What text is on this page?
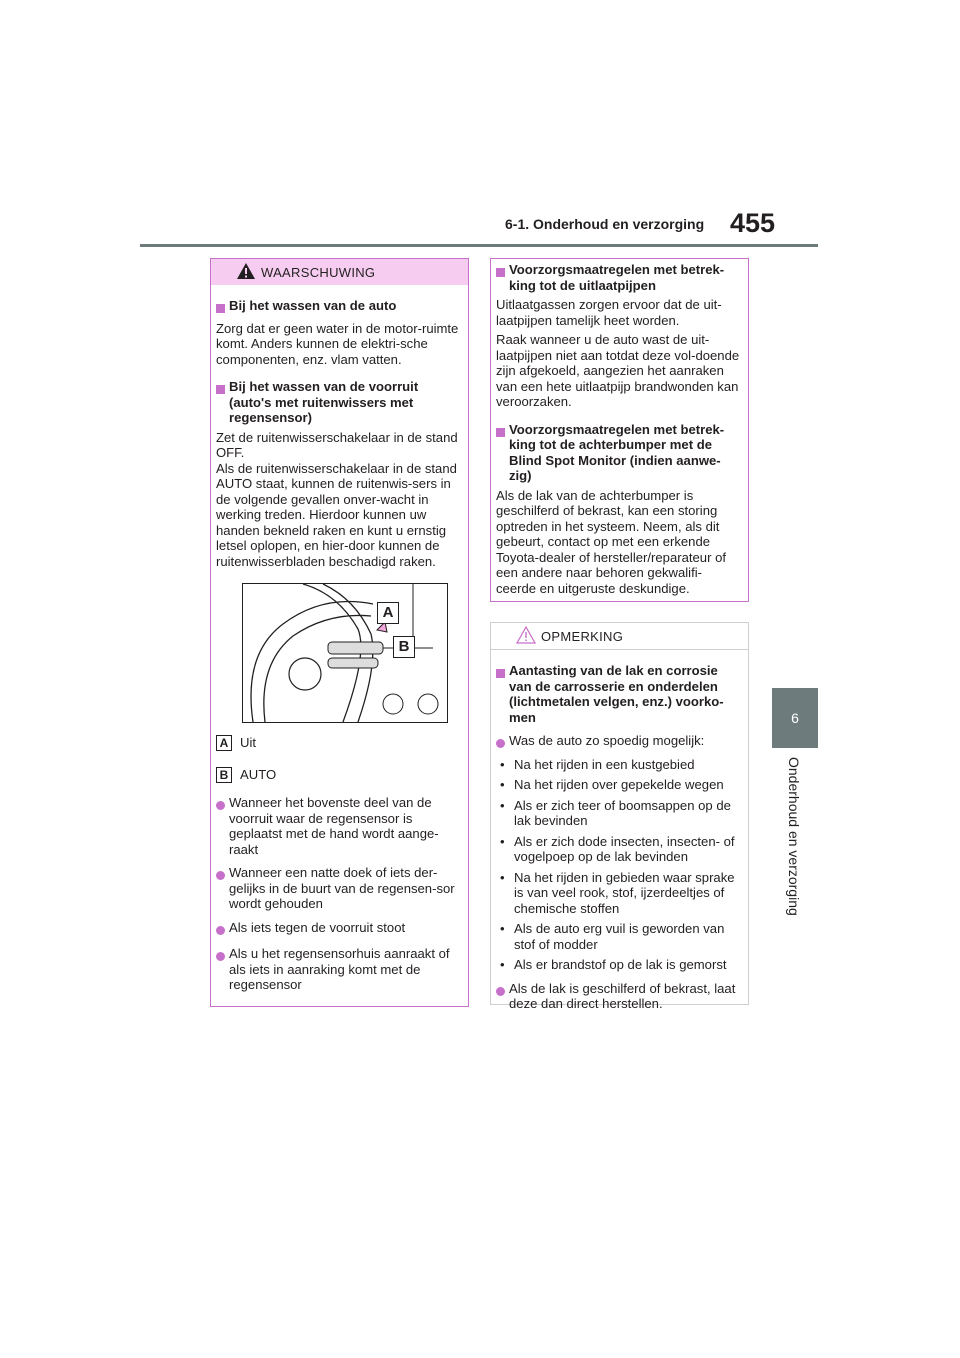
6-1. Onderhoud en verzorging 455
6
Onderhoud en verzorging
WAARSCHUWING
Bij het wassen van de auto
Zorg dat er geen water in de motor-ruimte komt. Anders kunnen de elektri-sche componenten, enz. vlam vatten.
Bij het wassen van de voorruit (auto's met ruitenwissers met regensensor)
Zet de ruitenwisserschakelaar in de stand OFF.
Als de ruitenwisserschakelaar in de stand AUTO staat, kunnen de ruitenwis-sers in de volgende gevallen onver-wacht in werking treden. Hierdoor kunnen uw handen bekneld raken en kunt u ernstig letsel oplopen, en hier-door kunnen de ruitenwisserbladen beschadigd raken.
A
B
A Uit
B AUTO
Wanneer het bovenste deel van de voorruit waar de regensensor is geplaatst met de hand wordt aange-raakt
Wanneer een natte doek of iets der-gelijks in de buurt van de regensen-sor wordt gehouden
Als iets tegen de voorruit stoot
Als u het regensensorhuis aanraakt of als iets in aanraking komt met de regensensor
Voorzorgsmaatregelen met betrek-king tot de uitlaatpijpen
Uitlaatgassen zorgen ervoor dat de uit-laatpijpen tamelijk heet worden.
Raak wanneer u de auto wast de uit-laatpijpen niet aan totdat deze vol-doende zijn afgekoeld, aangezien het aanraken van een hete uitlaatpijp brandwonden kan veroorzaken.
Voorzorgsmaatregelen met betrek-king tot de achterbumper met de Blind Spot Monitor (indien aanwe-zig)
Als de lak van de achterbumper is geschilferd of bekrast, kan een storing optreden in het systeem. Neem, als dit gebeurt, contact op met een erkende Toyota-dealer of hersteller/reparateur of een andere naar behoren gekwalifi-ceerde en uitgeruste deskundige.
OPMERKING
Aantasting van de lak en corrosie van de carrosserie en onderdelen (lichtmetalen velgen, enz.) voorko-men
Was de auto zo spoedig mogelijk:
• Na het rijden in een kustgebied
• Na het rijden over gepekelde wegen
• Als er zich teer of boomsappen op de lak bevinden
• Als er zich dode insecten, insecten- of vogelpoep op de lak bevinden
• Na het rijden in gebieden waar sprake is van veel rook, stof, ijzerdeeltjes of chemische stoffen
• Als de auto erg vuil is geworden van stof of modder
• Als er brandstof op de lak is gemorst
Als de lak is geschilferd of bekrast, laat deze dan direct herstellen.
